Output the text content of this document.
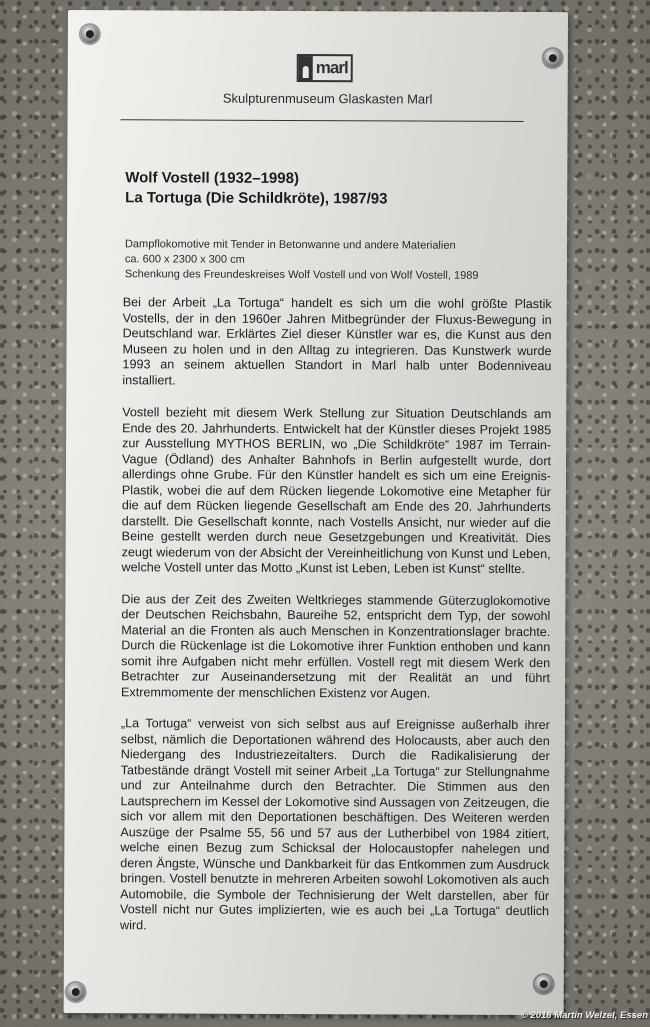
marl
Skulpturenmuseum Glaskasten Marl
Wolf Vostell (1932–1998)
La Tortuga (Die Schildkröte), 1987/93
Dampflokomotive mit Tender in Betonwanne und andere Materialien
ca. 600 x 2300 x 300 cm
Schenkung des Freundeskreises Wolf Vostell und von Wolf Vostell, 1989

Bei der Arbeit „La Tortuga“ handelt es sich um die wohl größte Plastik Vostells, der in den 1960er Jahren Mitbegründer der Fluxus-Bewegung in Deutschland war. Erklärtes Ziel dieser Künstler war es, die Kunst aus den Museen zu holen und in den Alltag zu integrieren. Das Kunstwerk wurde 1993 an seinem aktuellen Standort in Marl halb unter Bodenniveau installiert.

Vostell bezieht mit diesem Werk Stellung zur Situation Deutschlands am Ende des 20. Jahrhunderts. Entwickelt hat der Künstler dieses Projekt 1985 zur Ausstellung MYTHOS BERLIN, wo „Die Schildkröte“ 1987 im Terrain-Vague (Ödland) des Anhalter Bahnhofs in Berlin aufgestellt wurde, dort allerdings ohne Grube. Für den Künstler handelt es sich um eine Ereignis-Plastik, wobei die auf dem Rücken liegende Lokomotive eine Metapher für die auf dem Rücken liegende Gesellschaft am Ende des 20. Jahrhunderts darstellt. Die Gesellschaft konnte, nach Vostells Ansicht, nur wieder auf die Beine gestellt werden durch neue Gesetzgebungen und Kreativität. Dies zeugt wiederum von der Absicht der Vereinheitlichung von Kunst und Leben, welche Vostell unter das Motto „Kunst ist Leben, Leben ist Kunst“ stellte.

Die aus der Zeit des Zweiten Weltkrieges stammende Güterzuglokomotive der Deutschen Reichsbahn, Baureihe 52, entspricht dem Typ, der sowohl Material an die Fronten als auch Menschen in Konzentrationslager brachte. Durch die Rückenlage ist die Lokomotive ihrer Funktion enthoben und kann somit ihre Aufgaben nicht mehr erfüllen. Vostell regt mit diesem Werk den Betrachter zur Auseinandersetzung mit der Realität an und führt Extremmomente der menschlichen Existenz vor Augen.

„La Tortuga“ verweist von sich selbst aus auf Ereignisse außerhalb ihrer selbst, nämlich die Deportationen während des Holocausts, aber auch den Niedergang des Industriezeitalters. Durch die Radikalisierung der Tatbestände drängt Vostell mit seiner Arbeit „La Tortuga“ zur Stellungnahme und zur Anteilnahme durch den Betrachter. Die Stimmen aus den Lautsprechern im Kessel der Lokomotive sind Aussagen von Zeitzeugen, die sich vor allem mit den Deportationen beschäftigen. Des Weiteren werden Auszüge der Psalme 55, 56 und 57 aus der Lutherbibel von 1984 zitiert, welche einen Bezug zum Schicksal der Holocaustopfer nahelegen und deren Ängste, Wünsche und Dankbarkeit für das Entkommen zum Ausdruck bringen. Vostell benutzte in mehreren Arbeiten sowohl Lokomotiven als auch Automobile, die Symbole der Technisierung der Welt darstellen, aber für Vostell nicht nur Gutes implizierten, wie es auch bei „La Tortuga“ deutlich wird.

© 2018 Martin Welzel, Essen
